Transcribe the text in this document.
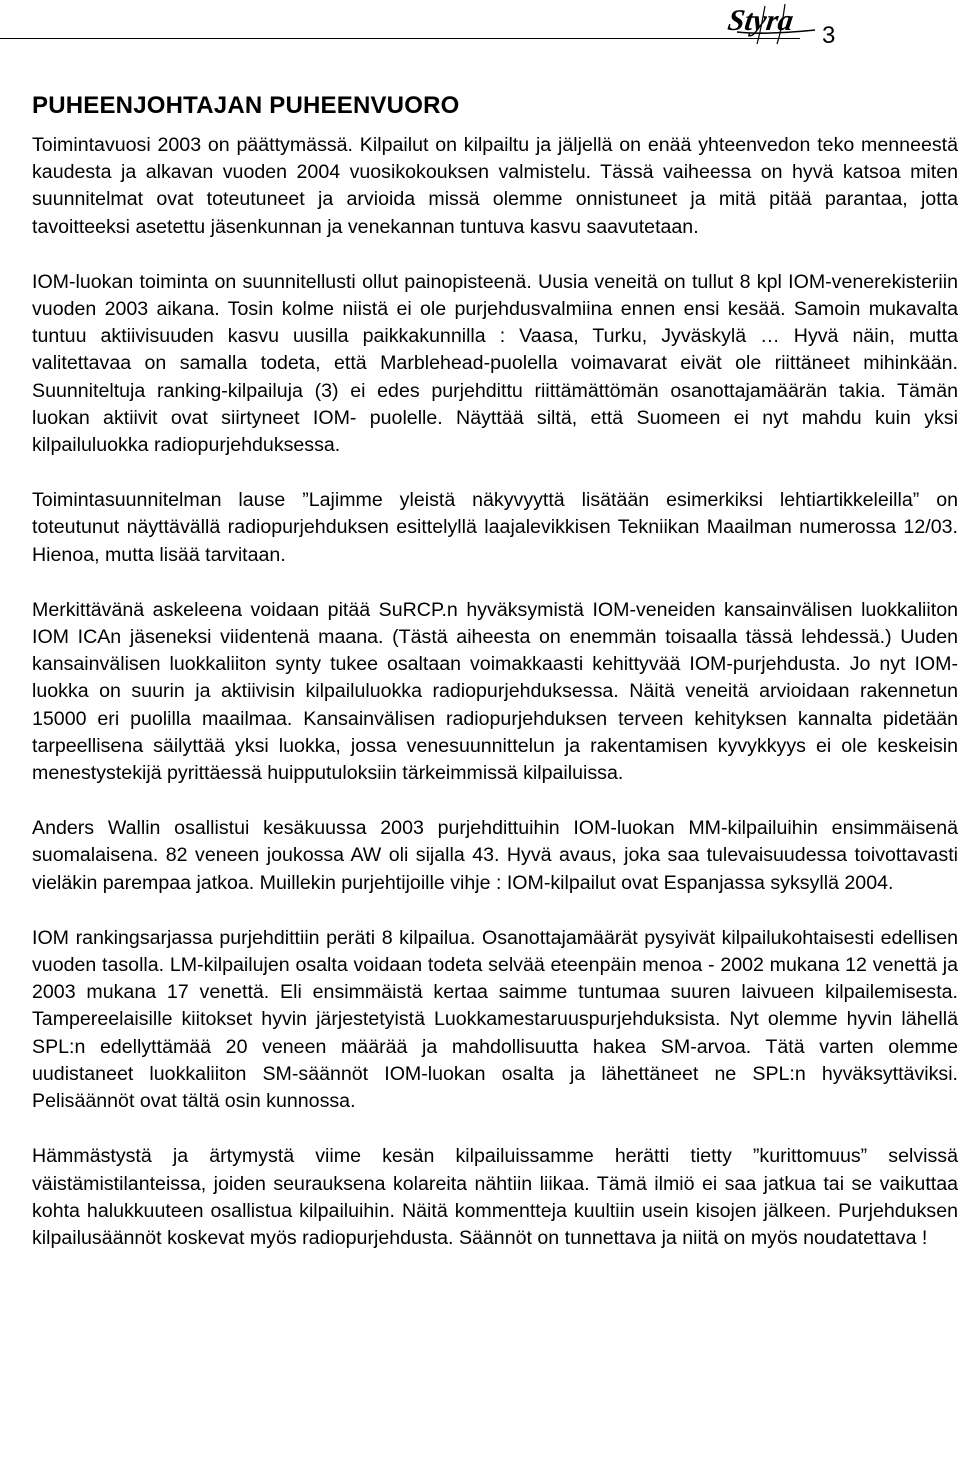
Styra 3
PUHEENJOHTAJAN PUHEENVUORO

Toimintavuosi 2003 on päättymässä. Kilpailut on kilpailtu ja jäljellä on enää yhteenvedon teko menneestä kaudesta ja alkavan vuoden 2004 vuosikokouksen valmistelu. Tässä vaiheessa on hyvä katsoa miten suunnitelmat ovat toteutuneet ja arvioida missä olemme onnistuneet ja mitä pitää parantaa, jotta tavoitteeksi asetettu jäsenkunnan ja venekannan tuntuva kasvu saavutetaan.

IOM-luokan toiminta on suunnitellusti ollut painopisteenä. Uusia veneitä on tullut 8 kpl IOM-venerekisteriin vuoden 2003 aikana. Tosin kolme niistä ei ole purjehdusvalmiina ennen ensi kesää. Samoin mukavalta tuntuu aktiivisuuden kasvu uusilla paikkakunnilla : Vaasa, Turku, Jyväskylä … Hyvä näin, mutta valitettavaa on samalla todeta, että Marblehead-puolella voimavarat eivät ole riittäneet mihinkään. Suunniteltuja ranking-kilpailuja (3) ei edes purjehdittu riittämättömän osanottajamäärän takia. Tämän luokan aktiivit ovat siirtyneet IOM- puolelle. Näyttää siltä, että Suomeen ei nyt mahdu kuin yksi kilpailuluokka radiopurjehduksessa.

Toimintasuunnitelman lause ”Lajimme yleistä näkyvyyttä lisätään esimerkiksi lehtiartikkeleilla” on toteutunut näyttävällä radiopurjehduksen esittelyllä laajalevikkisen Tekniikan Maailman numerossa 12/03. Hienoa, mutta lisää tarvitaan.

Merkittävänä askeleena voidaan pitää SuRCP.n hyväksymistä IOM-veneiden kansainvälisen luokkaliiton IOM ICAn jäseneksi viidentenä maana. (Tästä aiheesta on enemmän toisaalla tässä lehdessä.) Uuden kansainvälisen luokkaliiton synty tukee osaltaan voimakkaasti kehittyvää IOM-purjehdusta. Jo nyt IOM-luokka on suurin ja aktiivisin kilpailuluokka radiopurjehduksessa. Näitä veneitä arvioidaan rakennetun 15000 eri puolilla maailmaa. Kansainvälisen radiopurjehduksen terveen kehityksen kannalta pidetään tarpeellisena säilyttää yksi luokka, jossa venesuunnittelun ja rakentamisen kyvykkyys ei ole keskeisin menestystekijä pyrittäessä huipputuloksiin tärkeimmissä kilpailuissa.

Anders Wallin osallistui kesäkuussa 2003 purjehdittuihin IOM-luokan MM-kilpailuihin ensimmäisenä suomalaisena. 82 veneen joukossa AW oli sijalla 43. Hyvä avaus, joka saa tulevaisuudessa toivottavasti vieläkin parempaa jatkoa. Muillekin purjehtijoille vihje : IOM-kilpailut ovat Espanjassa syksyllä 2004.

IOM rankingsarjassa purjehdittiin peräti 8 kilpailua. Osanottajamäärät pysyivät kilpailukohtaisesti edellisen vuoden tasolla. LM-kilpailujen osalta voidaan todeta selvää eteenpäin menoa - 2002 mukana 12 venettä ja 2003 mukana 17 venettä. Eli ensimmäistä kertaa saimme tuntumaa suuren laivueen kilpailemisesta. Tampereelaisille kiitokset hyvin järjestetyistä Luokkamestaruuspurjehduksista. Nyt olemme hyvin lähellä SPL:n edellyttämää 20 veneen määrää ja mahdollisuutta hakea SM-arvoa. Tätä varten olemme uudistaneet luokkaliiton SM-säännöt IOM-luokan osalta ja lähettäneet ne SPL:n hyväksyttäviksi. Pelisäännöt ovat tältä osin kunnossa.

Hämmästystä ja ärtymystä viime kesän kilpailuissamme herätti tietty ”kurittomuus” selvissä väistämistilanteissa, joiden seurauksena kolareita nähtiin liikaa. Tämä ilmiö ei saa jatkua tai se vaikuttaa kohta halukkuuteen osallistua kilpailuihin. Näitä kommentteja kuultiin usein kisojen jälkeen. Purjehduksen kilpailusäännöt koskevat myös radiopurjehdusta. Säännöt on tunnettava ja niitä on myös noudatettava !
